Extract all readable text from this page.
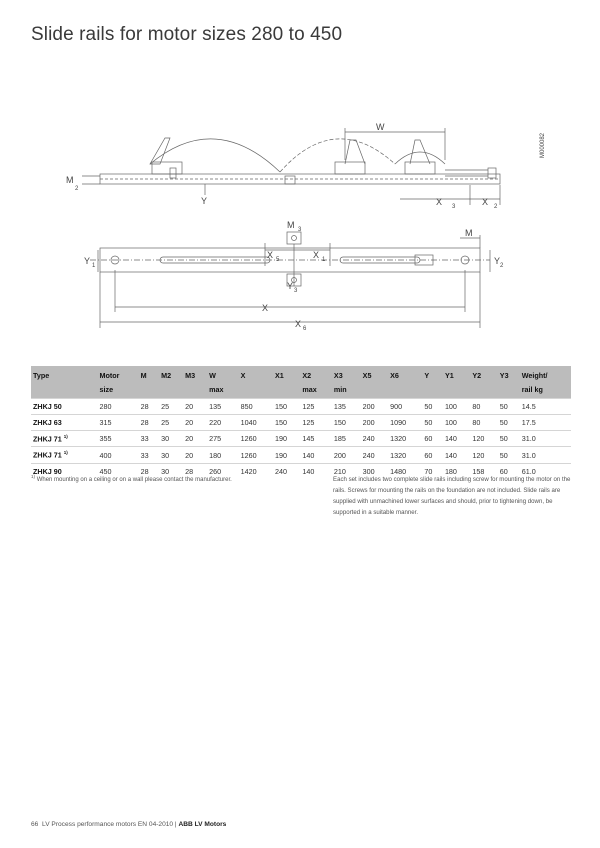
Slide rails for motor sizes 280 to 450
W
M
2
Y	X 3	X 2
M 3	M
Y 1	Y 2
X 5	X 1
Y 3
X
X 6
M000082
Type	Motor	M	M2	M3	W	X	X1	X2	X3	X5	X6	Y	Y1	Y2	Y3	Weight/
	size				max			max	min							rail kg
ZHKJ 50	280	28	25	20	135	850	150	125	135	200	900	50	100	80	50	14.5
ZHKJ 63	315	28	25	20	220	1040	150	125	150	200	1090	50	100	80	50	17.5
ZHKJ 71 $^{1)}$	355	33	30	20	275	1260	190	145	185	240	1320	60	140	120	50	31.0
ZHKJ 71 $^{1)}$	400	33	30	20	180	1260	190	140	200	240	1320	60	140	120	50	31.0
ZHKJ 90	450	28	30	28	260	1420	240	140	210	300	1480	70	180	158	60	61.0
$^{1)}$ When mounting on a ceiling or on a wall please contact the manufacturer.	Each set includes two complete slide rails including screw for mounting the motor on the rails. Screws for mounting the rails on the foundation are not included. Slide rails are supplied with unmachined lower surfaces and should, prior to tightening down, be supported in a suitable manner.
66 LV Process performance motors EN 04-2010 | ABB LV Motors
